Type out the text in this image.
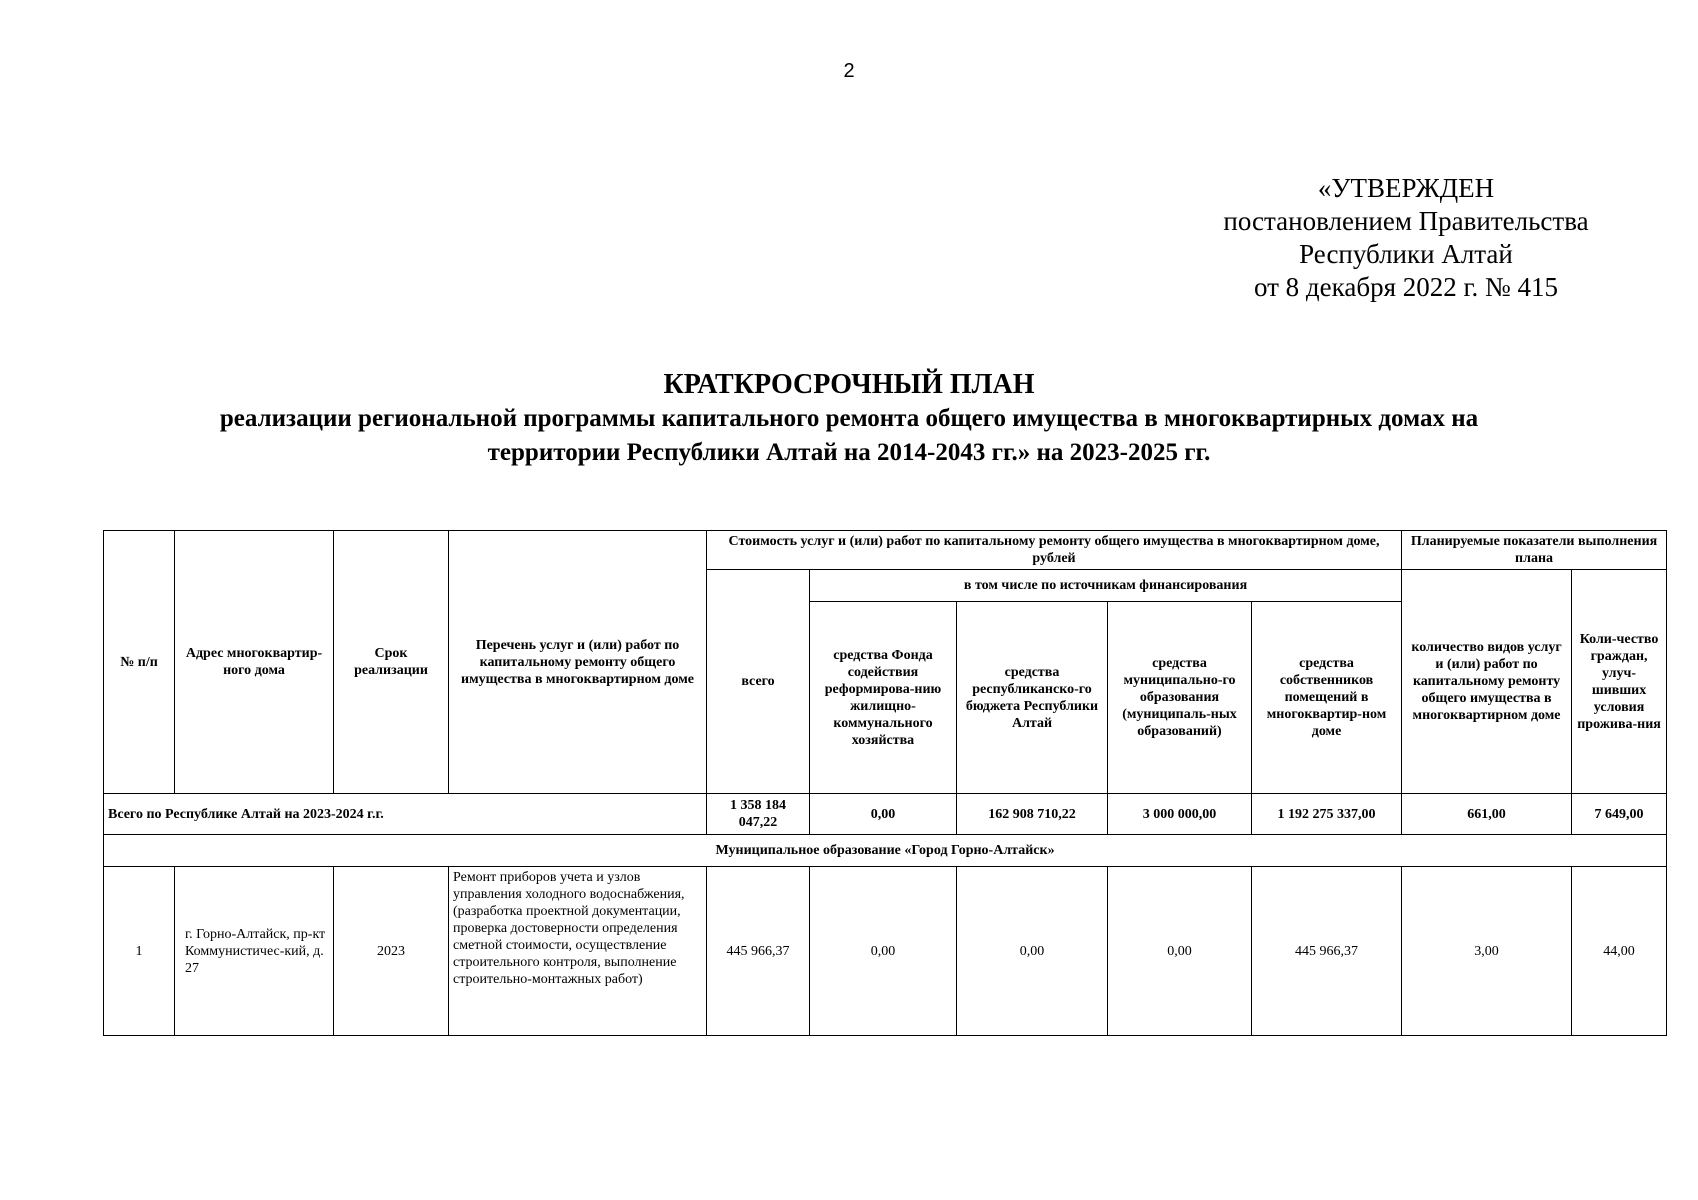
2
«УТВЕРЖДЕН
постановлением Правительства
Республики Алтай
от 8 декабря 2022 г. № 415
КРАТКРОСРОЧНЫЙ ПЛАН
реализации региональной программы капитального ремонта общего имущества в многоквартирных домах на
территории Республики Алтай на 2014-2043 гг.» на 2023-2025 гг.
№ п/п	Адрес многоквартир-ного дома	Срок реализации	Перечень услуг и (или) работ по капитальному ремонту общего имущества в многоквартирном доме	Стоимость услуг и (или) работ по капитальному ремонту общего имущества в многоквартирном доме, рублей					Планируемые показатели выполнения плана	
				всего	в том числе по источникам финансирования				количество видов услуг и (или) работ по капитальному ремонту общего имущества в многоквартирном доме	Коли-чество граждан, улуч-шивших условия прожива-ния
					средства Фонда содействия реформирова-нию жилищно-коммунального хозяйства	средства республиканско-го бюджета Республики Алтай	средства муниципально-го образования (муниципаль-ных образований)	средства собственников помещений в многоквартир-ном доме		
Всего по Республике Алтай на 2023-2024 г.г.				1 358 184 047,22	0,00	162 908 710,22	3 000 000,00	1 192 275 337,00	661,00	7 649,00
Муниципальное образование «Город Горно-Алтайск»										
1	г. Горно-Алтайск, пр-кт Коммунистичес-кий, д. 27	2023	Ремонт приборов учета и узлов управления холодного водоснабжения, (разработка проектной документации, проверка достоверности определения сметной стоимости, осуществление строительного контроля, выполнение строительно-монтажных работ)	445 966,37	0,00	0,00	0,00	445 966,37	3,00	44,00
